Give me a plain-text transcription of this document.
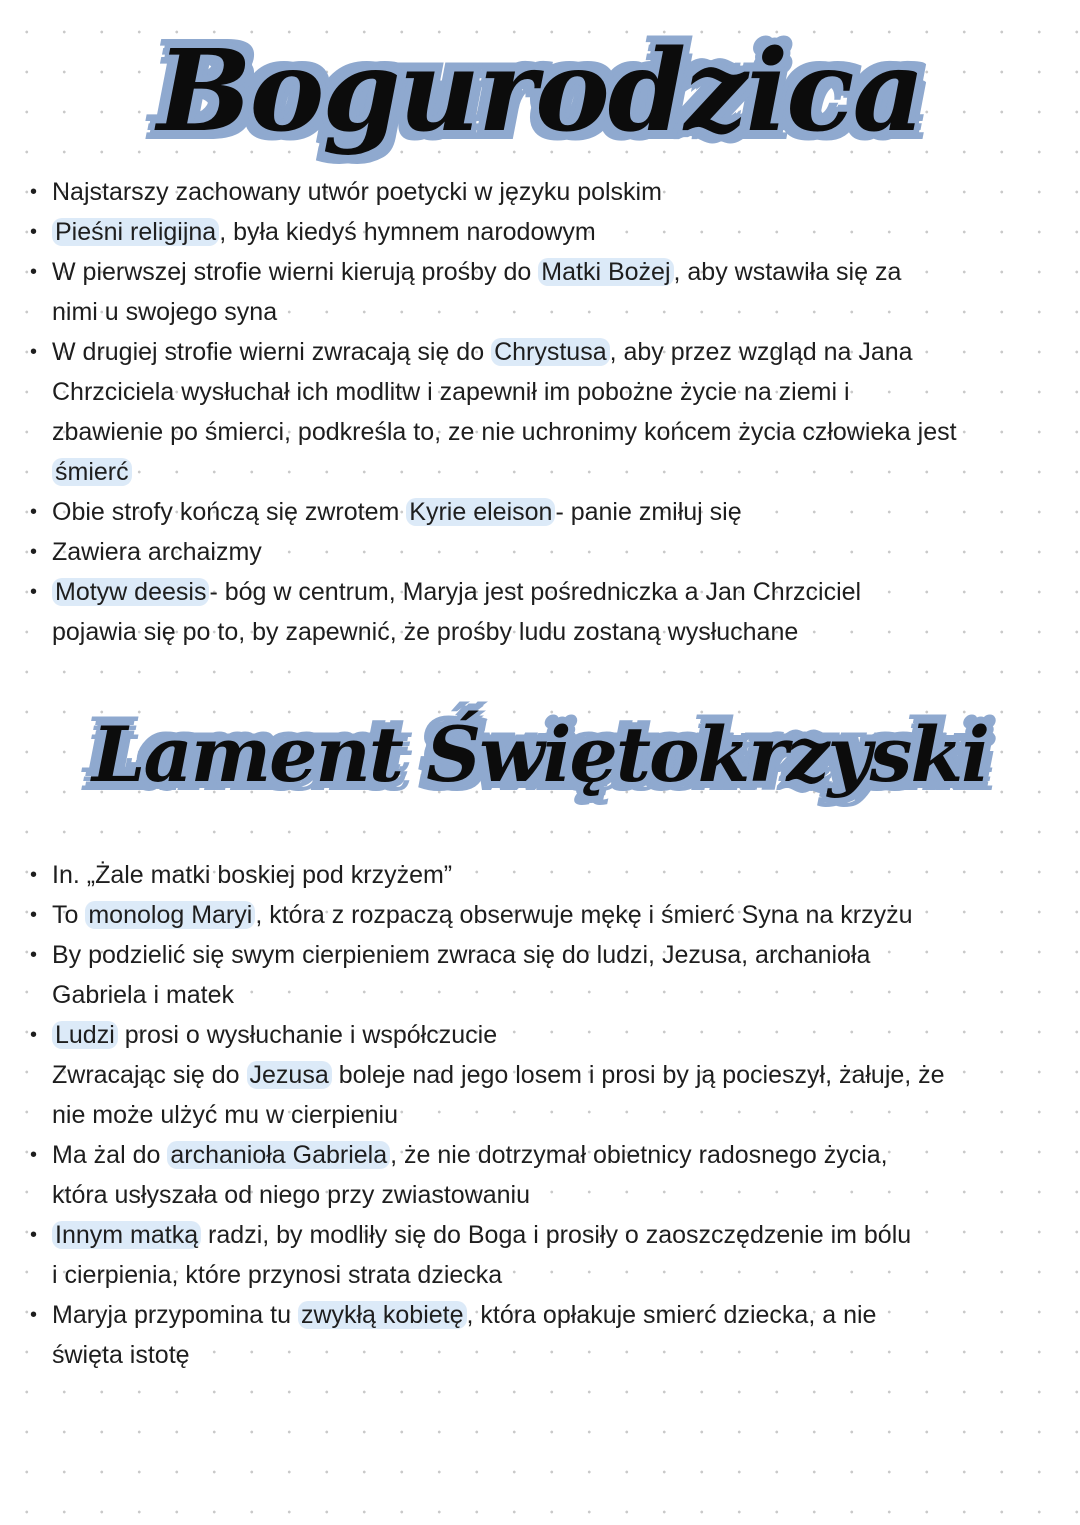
Bogurodzica
• Najstarszy zachowany utwór poetycki w języku polskim
• Pieśni religijna , była kiedyś hymnem narodowym
• W pierwszej strofie wierni kierują prośby do Matki Bożej , aby wstawiła się za
nimi u swojego syna
• W drugiej strofie wierni zwracają się do Chrystusa , aby przez wzgląd na Jana
Chrzciciela wysłuchał ich modlitw i zapewnił im pobożne życie na ziemi i
zbawienie po śmierci, podkreśla to, ze nie uchronimy końcem życia człowieka jest
śmierć
• Obie strofy kończą się zwrotem Kyrie eleison - panie zmiłuj się
• Zawiera archaizmy
• Motyw deesis - bóg w centrum, Maryja jest pośredniczka a Jan Chrzciciel
pojawia się po to, by zapewnić, że prośby ludu zostaną wysłuchane
Lament Świętokrzyski
• In. „Żale matki boskiej pod krzyżem”
• To monolog Maryi , która z rozpaczą obserwuje mękę i śmierć Syna na krzyżu
• By podzielić się swym cierpieniem zwraca się do ludzi, Jezusa, archanioła
Gabriela i matek
• Ludzi prosi o wysłuchanie i współczucie
Zwracając się do Jezusa boleje nad jego losem i prosi by ją pocieszył, żałuje, że
nie może ulżyć mu w cierpieniu
• Ma żal do archanioła Gabriela , że nie dotrzymał obietnicy radosnego życia,
która usłyszała od niego przy zwiastowaniu
• Innym matką radzi, by modliły się do Boga i prosiły o zaoszczędzenie im bólu
i cierpienia, które przynosi strata dziecka
• Maryja przypomina tu zwykłą kobietę , która opłakuje smierć dziecka, a nie
święta istotę
